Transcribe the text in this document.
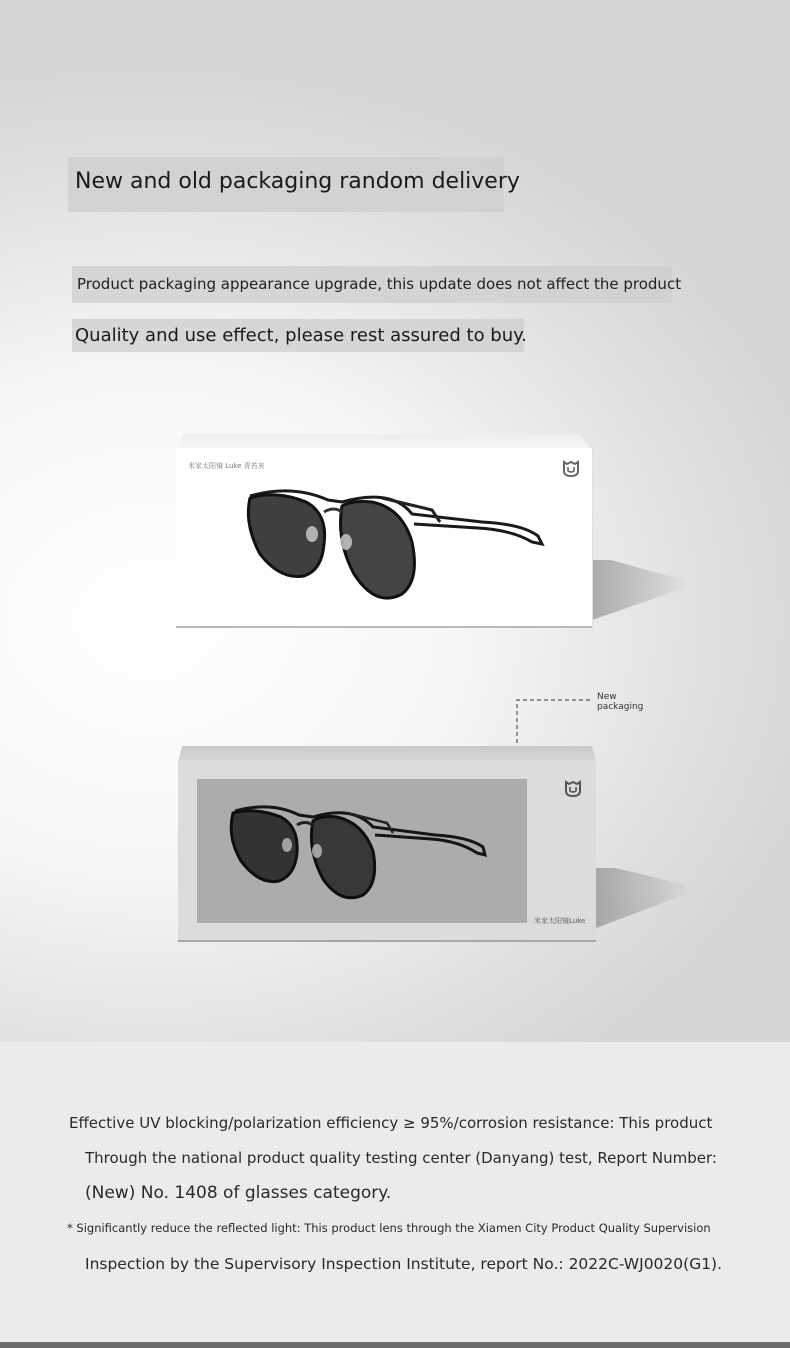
New and old packaging random delivery
Product packaging appearance upgrade, this update does not affect the product
Quality and use effect, please rest assured to buy.
米家太阳镜 Luke 青苔灰
New
packaging
米家太阳镜Luke
Effective UV blocking/polarization efficiency ≥ 95%/corrosion resistance: This product
Through the national product quality testing center (Danyang) test, Report Number:
(New) No. 1408 of glasses category.
* Significantly reduce the reflected light: This product lens through the Xiamen City Product Quality Supervision
Inspection by the Supervisory Inspection Institute, report No.: 2022C-WJ0020(G1).
